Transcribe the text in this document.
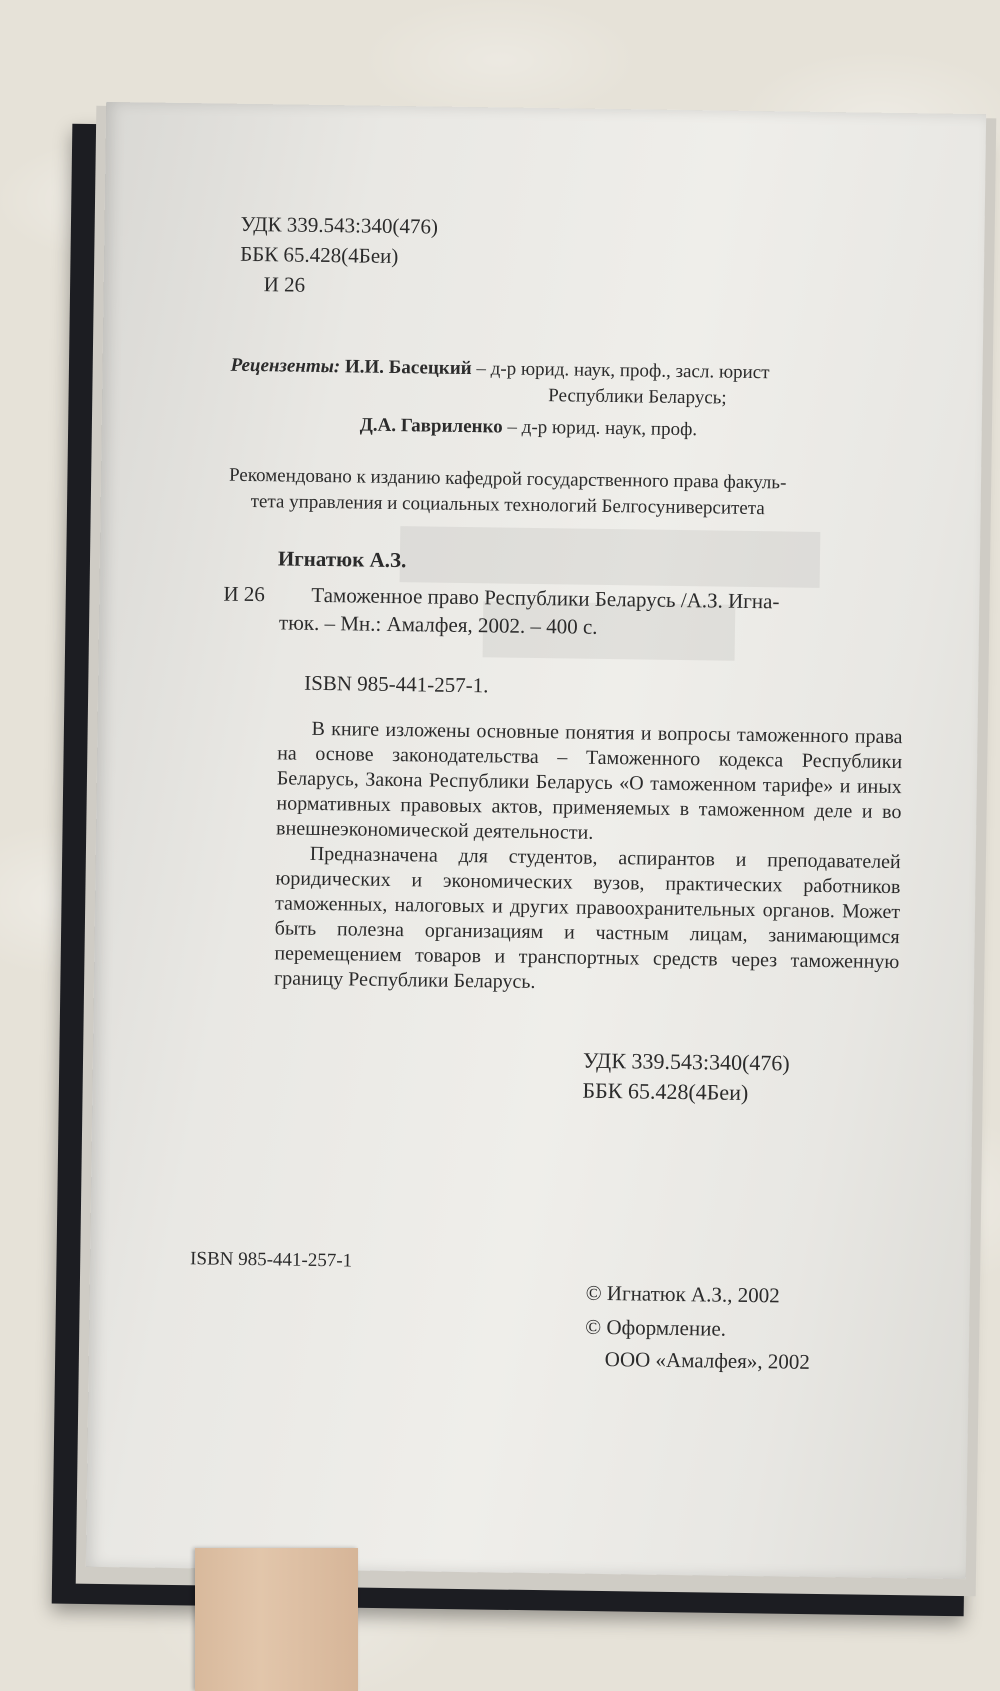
УДК 339.543:340(476)
ББК 65.428(4Беи)
И 26
Рецензенты: И.И. Басецкий – д-р юрид. наук, проф., засл. юрист
Республики Беларусь;
Д.А. Гавриленко – д-р юрид. наук, проф.
Рекомендовано к изданию кафедрой государственного права факуль-
тета управления и социальных технологий Белгосуниверситета
Игнатюк А.З.
И 26 Таможенное право Республики Беларусь /А.З. Игна-
тюк. – Мн.: Амалфея, 2002. – 400 с.
ISBN 985-441-257-1.

В книге изложены основные понятия и вопросы таможенного права на основе законодательства – Таможенного кодекса Республики Беларусь, Закона Республики Беларусь «О таможенном тарифе» и иных нормативных правовых актов, применяемых в таможенном деле и во внешнеэкономической деятельности.

Предназначена для студентов, аспирантов и преподавателей юридических и экономических вузов, практических работников таможенных, налоговых и других правоохранительных органов. Может быть полезна организациям и частным лицам, занимающимся перемещением товаров и транспортных средств через таможенную границу Республики Беларусь.

УДК 339.543:340(476)
ББК 65.428(4Беи)
ISBN 985-441-257-1
© Игнатюк А.З., 2002
© Оформление.
ООО «Амалфея», 2002
